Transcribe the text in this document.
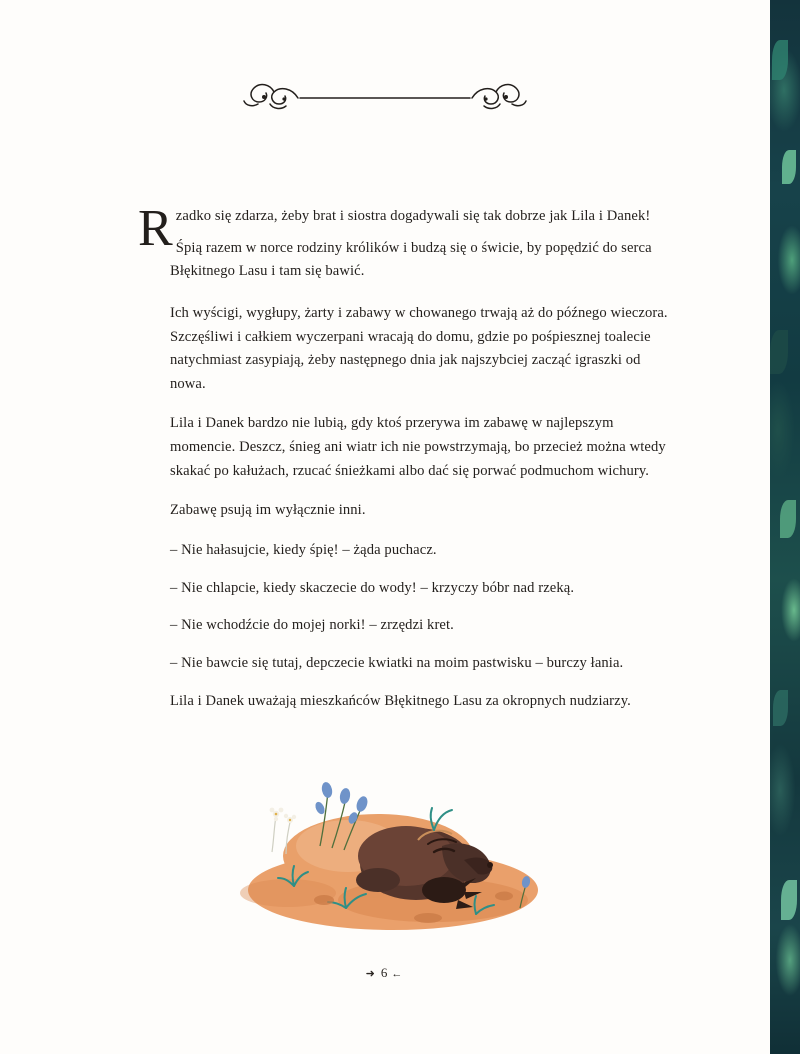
Rzadko się zdarza, żeby brat i siostra dogadywali się tak dobrze jak Lila i Danek!

Śpią razem w norce rodziny królików i budzą się o świcie, by popędzić do serca Błękitnego Lasu i tam się bawić.

Ich wyścigi, wygłupy, żarty i zabawy w chowanego trwają aż do późnego wieczora. Szczęśliwi i całkiem wyczerpani wracają do domu, gdzie po pośpiesznej toalecie natychmiast zasypiają, żeby następnego dnia jak najszybciej zacząć igraszki od nowa.

Lila i Danek bardzo nie lubią, gdy ktoś przerywa im zabawę w najlepszym momencie. Deszcz, śnieg ani wiatr ich nie powstrzymają, bo przecież można wtedy skakać po kałużach, rzucać śnieżkami albo dać się porwać podmuchom wichury.

Zabawę psują im wyłącznie inni.

– Nie hałasujcie, kiedy śpię! – żąda puchacz.

– Nie chlapcie, kiedy skaczecie do wody! – krzyczy bóbr nad rzeką.

– Nie wchodźcie do mojej norki! – zrzędzi kret.

– Nie bawcie się tutaj, depczecie kwiatki na moim pastwisku – burczy łania.

Lila i Danek uważają mieszkańców Błękitnego Lasu za okropnych nudziarzy.

➜ 6 ←
